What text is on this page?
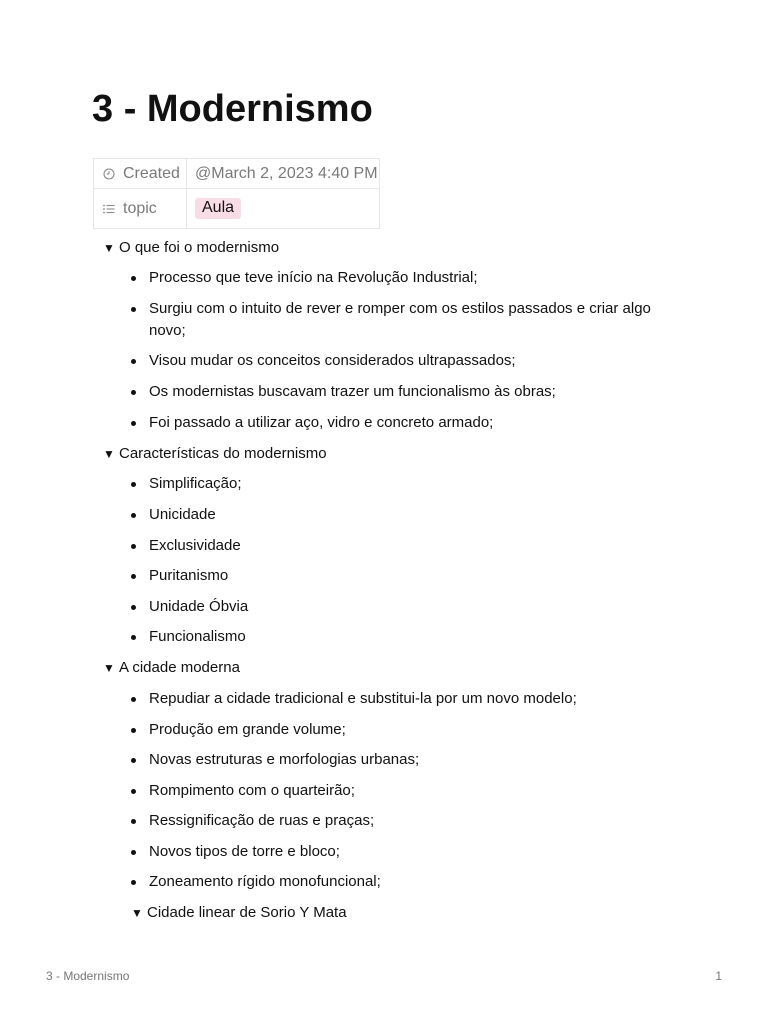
3 - Modernismo
Created	@March 2, 2023 4:40 PM

topic	Aula
▼ O que foi o modernismo
Processo que teve início na Revolução Industrial;
Surgiu com o intuito de rever e romper com os estilos passados e criar algo novo;
Visou mudar os conceitos considerados ultrapassados;
Os modernistas buscavam trazer um funcionalismo às obras;
Foi passado a utilizar aço, vidro e concreto armado;
▼ Características do modernismo
Simplificação;
Unicidade
Exclusividade
Puritanismo
Unidade Óbvia
Funcionalismo
▼ A cidade moderna
Repudiar a cidade tradicional e substitui-la por um novo modelo;
Produção em grande volume;
Novas estruturas e morfologias urbanas;
Rompimento com o quarteirão;
Ressignificação de ruas e praças;
Novos tipos de torre e bloco;
Zoneamento rígido monofuncional;
▼ Cidade linear de Sorio Y Mata
3 - Modernismo	1
